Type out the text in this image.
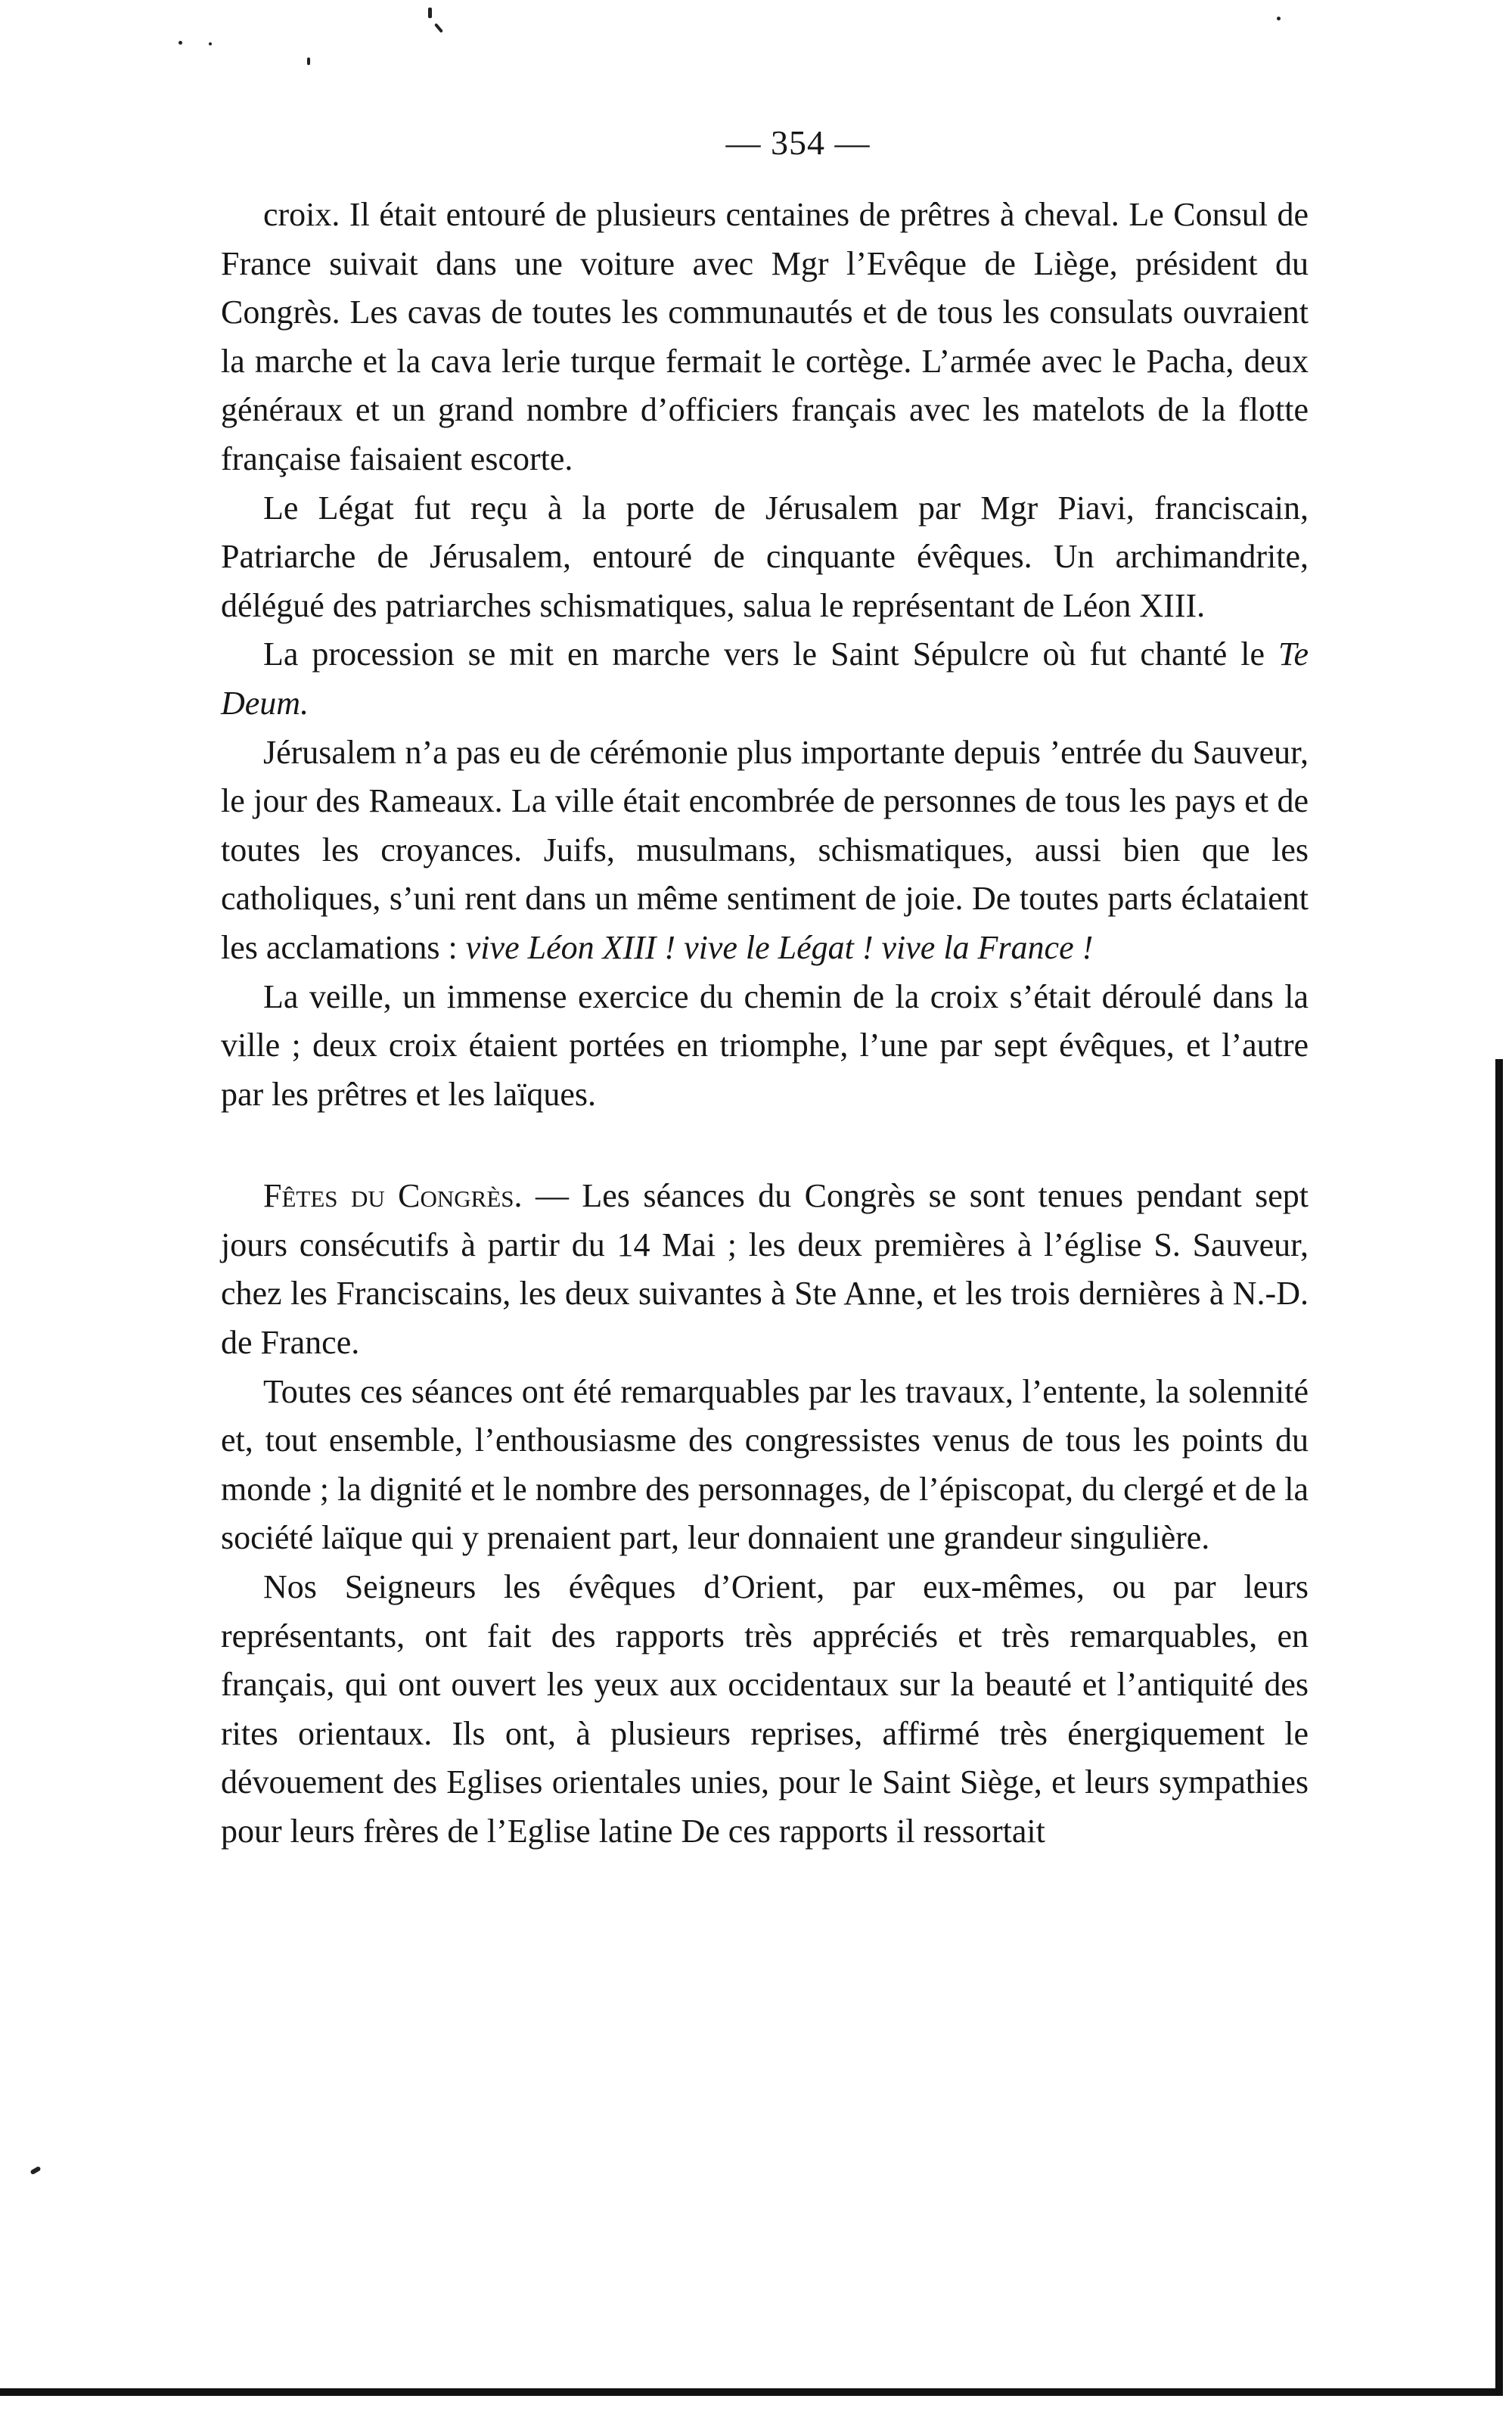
— 354 —

croix. Il était entouré de plusieurs centaines de prêtres à cheval. Le Consul de France suivait dans une voiture avec Mgr l’Evêque de Liège, président du Congrès. Les cavas de toutes les communautés et de tous les consulats ouvraient la marche et la cava lerie turque fermait le cortège. L’armée avec le Pacha, deux généraux et un grand nombre d’officiers français avec les matelots de la flotte française faisaient escorte.

Le Légat fut reçu à la porte de Jérusalem par Mgr Piavi, franciscain, Patriarche de Jérusalem, entouré de cinquante évêques. Un archimandrite, délégué des patriarches schismatiques, salua le représentant de Léon XIII.

La procession se mit en marche vers le Saint Sépulcre où fut chanté le Te Deum.

Jérusalem n’a pas eu de cérémonie plus importante depuis ’entrée du Sauveur, le jour des Rameaux. La ville était encombrée de personnes de tous les pays et de toutes les croyances. Juifs, musulmans, schismatiques, aussi bien que les catholiques, s’uni rent dans un même sentiment de joie. De toutes parts éclataient les acclamations : vive Léon XIII ! vive le Légat ! vive la France !

La veille, un immense exercice du chemin de la croix s’était déroulé dans la ville ; deux croix étaient portées en triomphe, l’une par sept évêques, et l’autre par les prêtres et les laïques.

Fêtes du Congrès. — Les séances du Congrès se sont tenues pendant sept jours consécutifs à partir du 14 Mai ; les deux premières à l’église S. Sauveur, chez les Franciscains, les deux suivantes à Ste Anne, et les trois dernières à N.-D. de France.

Toutes ces séances ont été remarquables par les travaux, l’entente, la solennité et, tout ensemble, l’enthousiasme des congressistes venus de tous les points du monde ; la dignité et le nombre des personnages, de l’épiscopat, du clergé et de la société laïque qui y prenaient part, leur donnaient une grandeur singulière.

Nos Seigneurs les évêques d’Orient, par eux-mêmes, ou par leurs représentants, ont fait des rapports très appréciés et très remarquables, en français, qui ont ouvert les yeux aux occidentaux sur la beauté et l’antiquité des rites orientaux. Ils ont, à plusieurs reprises, affirmé très énergiquement le dévouement des Eglises orientales unies, pour le Saint Siège, et leurs sympathies pour leurs frères de l’Eglise latine De ces rapports il ressortait
